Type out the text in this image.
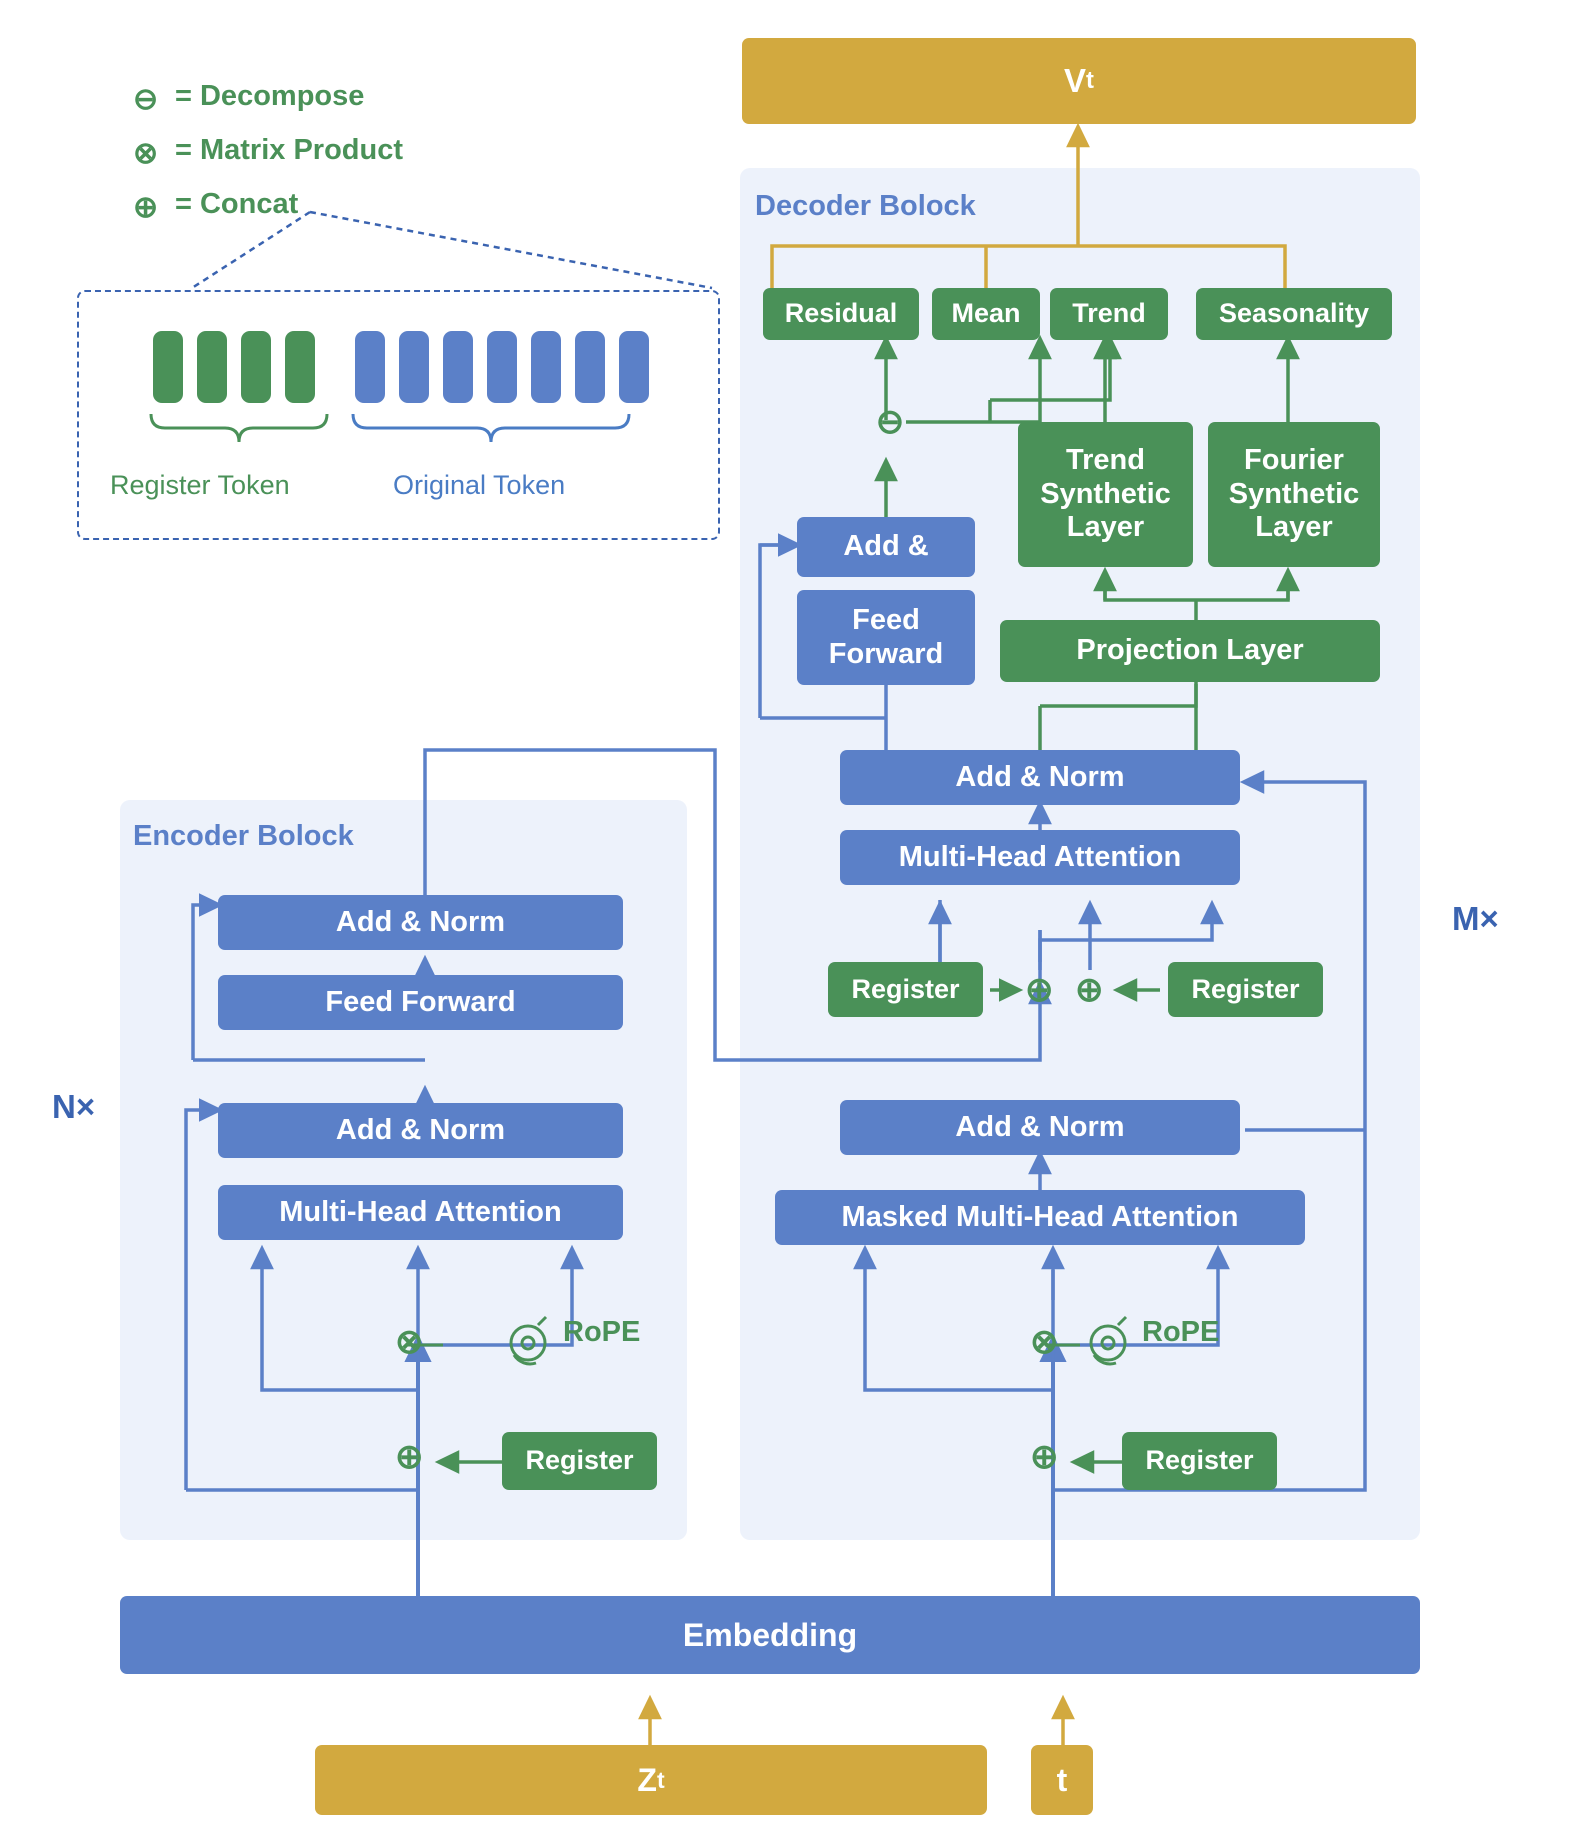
⊖ = Decompose
⊗ = Matrix Product
⊕ = Concat
Register Token	Original Token
Encoder Bolock
Decoder Bolock
V t
Residual	Mean	Trend	Seasonality
⊖
Trend Synthetic Layer
Fourier Synthetic Layer
Add &
Feed Forward	Projection Layer
Add & Norm
Multi-Head Attention
Register	Register
⊕ ⊕
Add & Norm
Masked Multi-Head Attention
⊗	RoPE
⊕	Register
M×
Add & Norm
Feed Forward
Add & Norm
Multi-Head Attention
⊗	RoPE
⊕	Register
N×
Embedding
Z t	t
